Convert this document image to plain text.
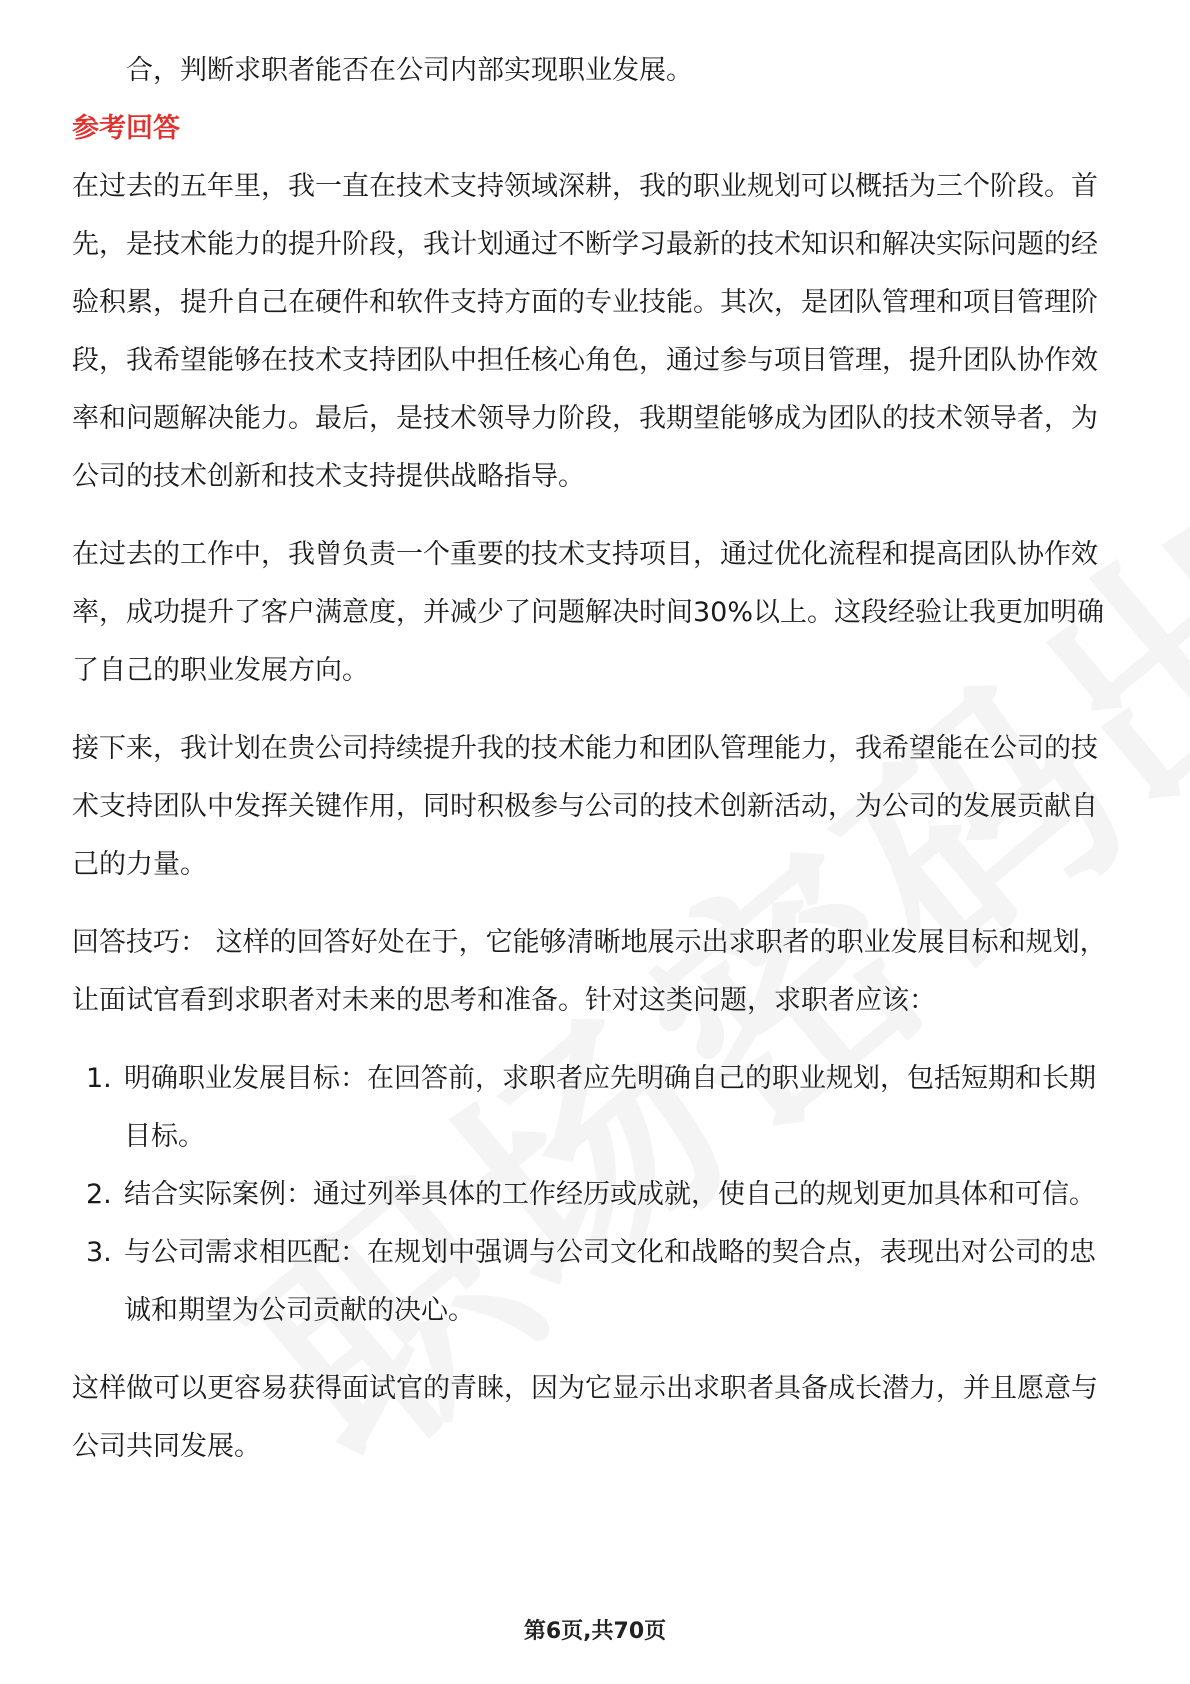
合，判断求职者能否在公司内部实现职业发展。

参考回答

在过去的五年里，我一直在技术支持领域深耕，我的职业规划可以概括为三个阶段。首先，是技术能力的提升阶段，我计划通过不断学习最新的技术知识和解决实际问题的经验积累，提升自己在硬件和软件支持方面的专业技能。其次，是团队管理和项目管理阶段，我希望能够在技术支持团队中担任核心角色，通过参与项目管理，提升团队协作效率和问题解决能力。最后，是技术领导力阶段，我期望能够成为团队的技术领导者，为公司的技术创新和技术支持提供战略指导。

在过去的工作中，我曾负责一个重要的技术支持项目，通过优化流程和提高团队协作效率，成功提升了客户满意度，并减少了问题解决时间30%以上。这段经验让我更加明确了自己的职业发展方向。

接下来，我计划在贵公司持续提升我的技术能力和团队管理能力，我希望能在公司的技术支持团队中发挥关键作用，同时积极参与公司的技术创新活动，为公司的发展贡献自己的力量。

回答技巧： 这样的回答好处在于，它能够清晰地展示出求职者的职业发展目标和规划，让面试官看到求职者对未来的思考和准备。针对这类问题，求职者应该：

1. 明确职业发展目标：在回答前，求职者应先明确自己的职业规划，包括短期和长期目标。
2. 结合实际案例：通过列举具体的工作经历或成就，使自己的规划更加具体和可信。
3. 与公司需求相匹配：在规划中强调与公司文化和战略的契合点，表现出对公司的忠诚和期望为公司贡献的决心。

这样做可以更容易获得面试官的青睐，因为它显示出求职者具备成长潜力，并且愿意与公司共同发展。

第6页,共70页
